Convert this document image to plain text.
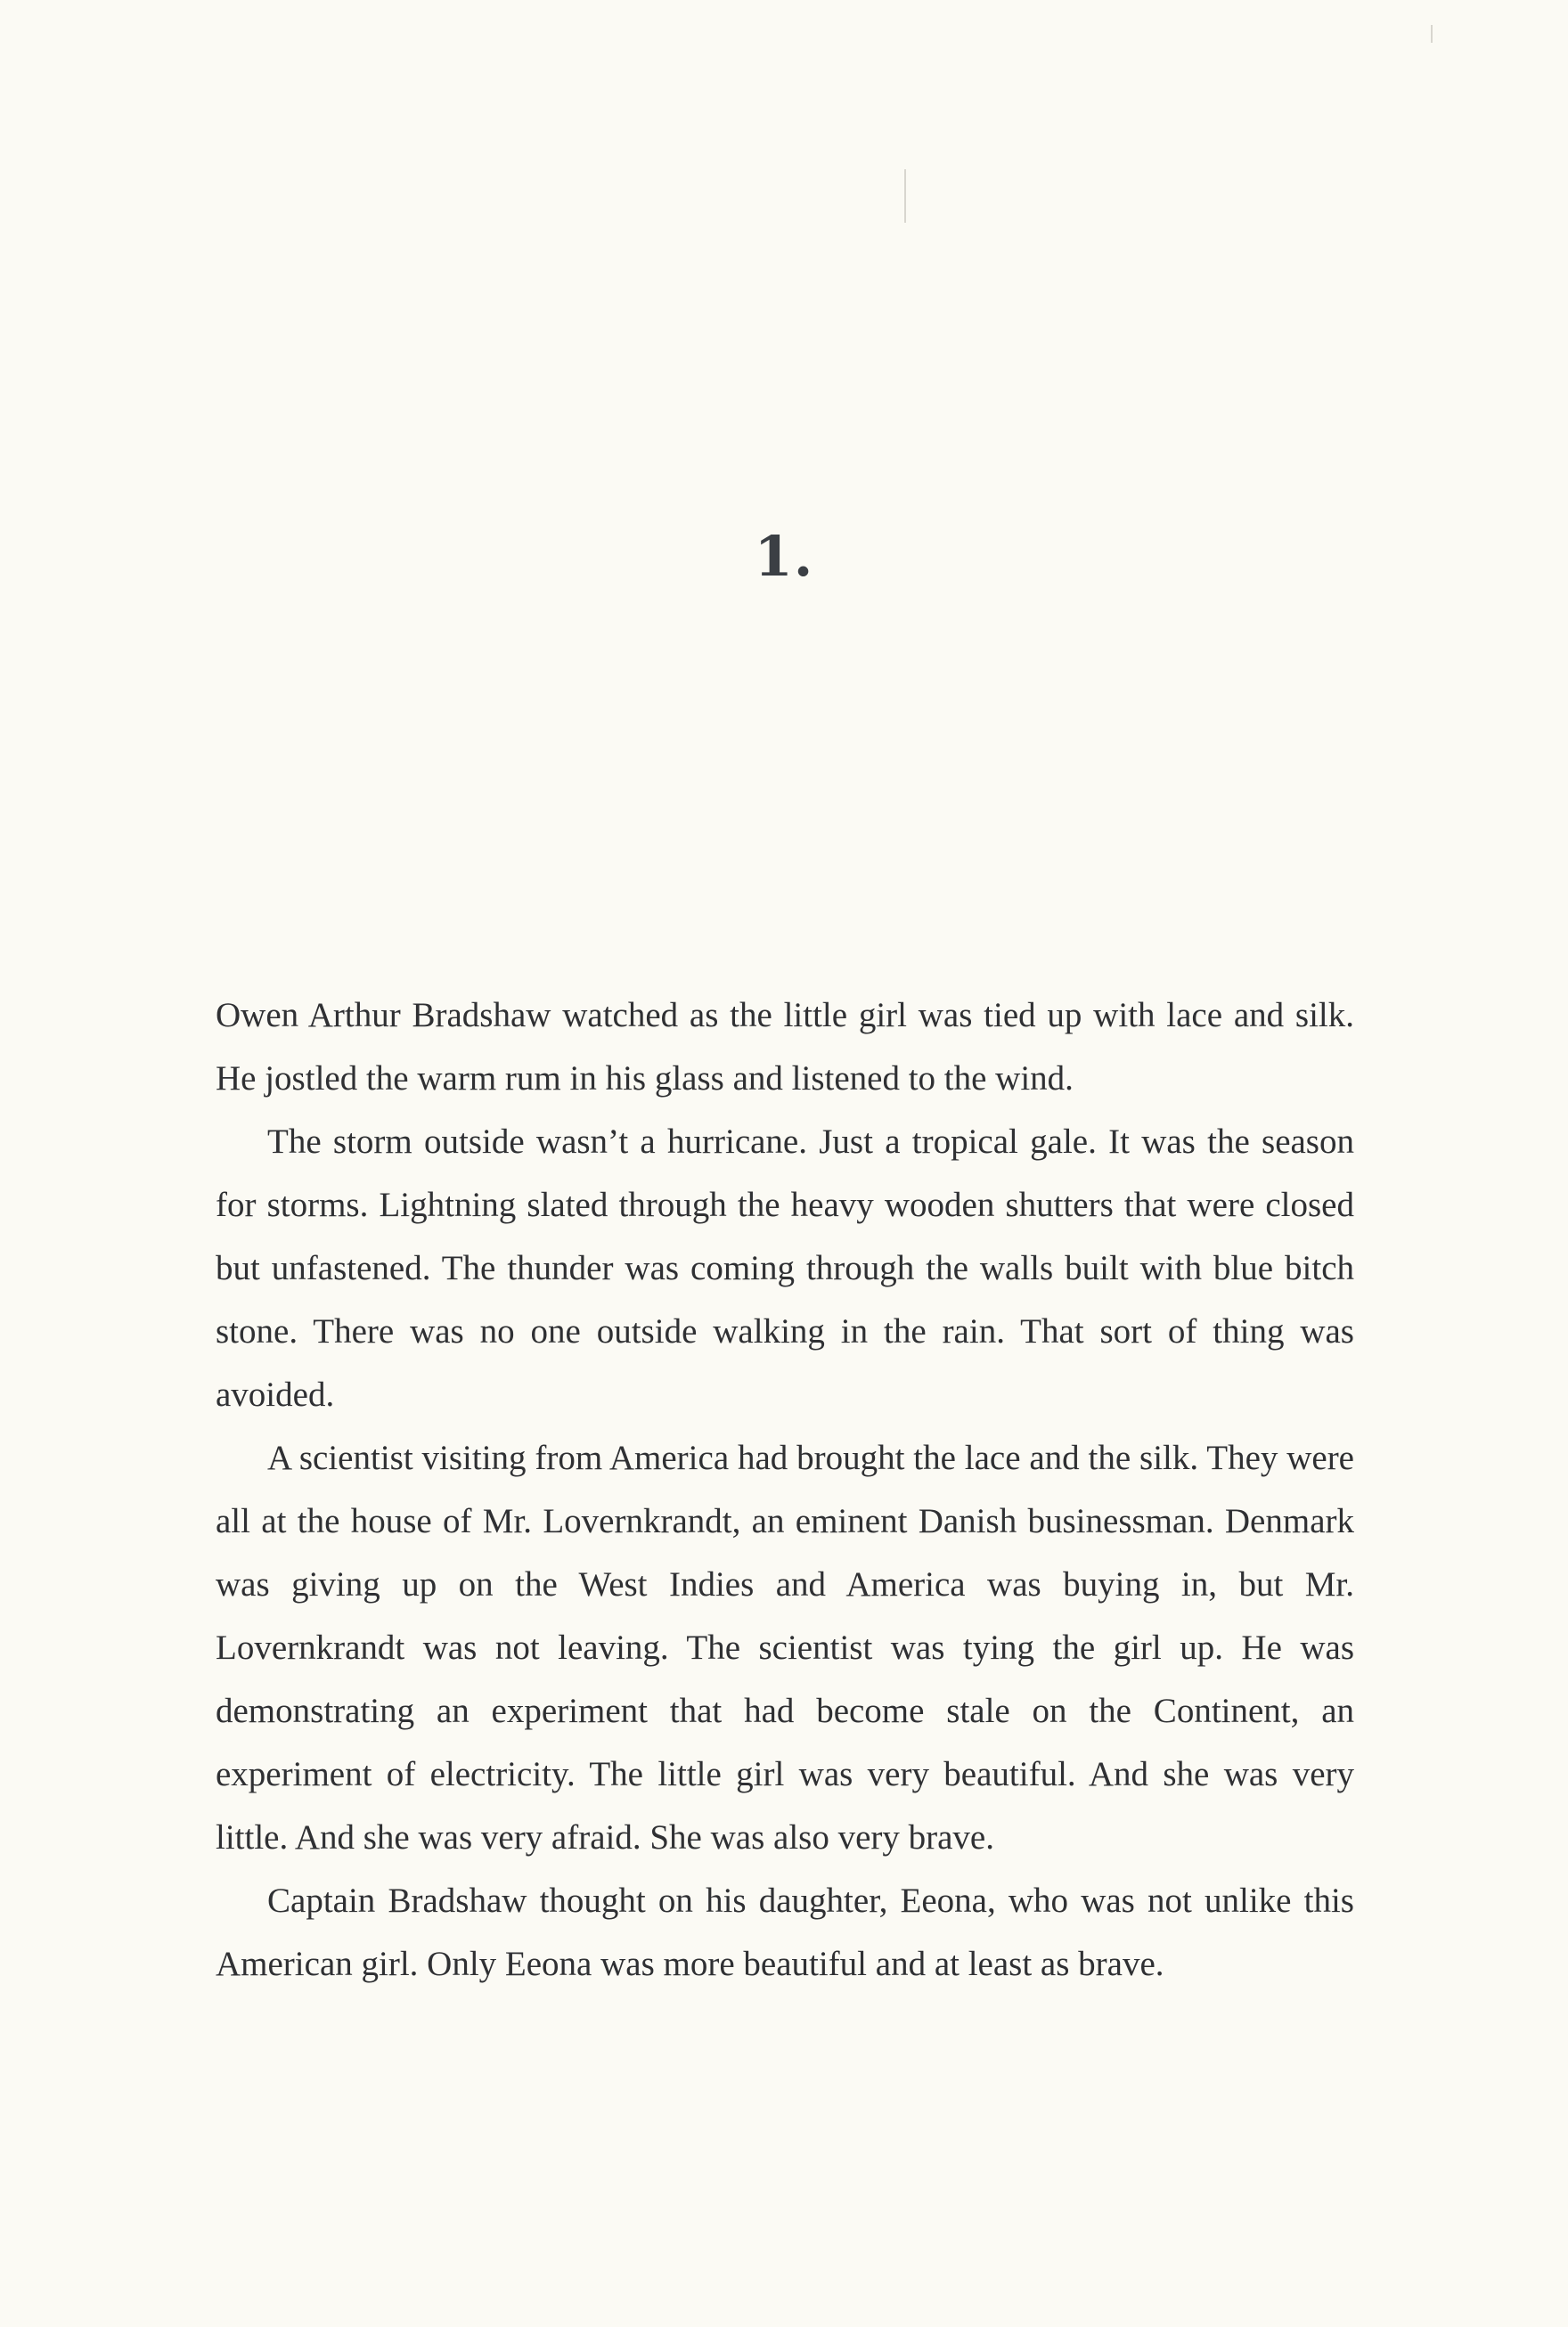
1.

Owen Arthur Bradshaw watched as the little girl was tied up with lace and silk. He jostled the warm rum in his glass and listened to the wind.

The storm outside wasn’t a hurricane. Just a tropical gale. It was the season for storms. Lightning slated through the heavy wooden shutters that were closed but unfastened. The thunder was coming through the walls built with blue bitch stone. There was no one outside walking in the rain. That sort of thing was avoided.

A scientist visiting from America had brought the lace and the silk. They were all at the house of Mr. Lovernkrandt, an eminent Danish businessman. Denmark was giving up on the West Indies and America was buying in, but Mr. Lovernkrandt was not leaving. The scientist was tying the girl up. He was demonstrating an experiment that had become stale on the Continent, an experiment of electricity. The little girl was very beautiful. And she was very little. And she was very afraid. She was also very brave.

Captain Bradshaw thought on his daughter, Eeona, who was not unlike this American girl. Only Eeona was more beautiful and at least as brave.
